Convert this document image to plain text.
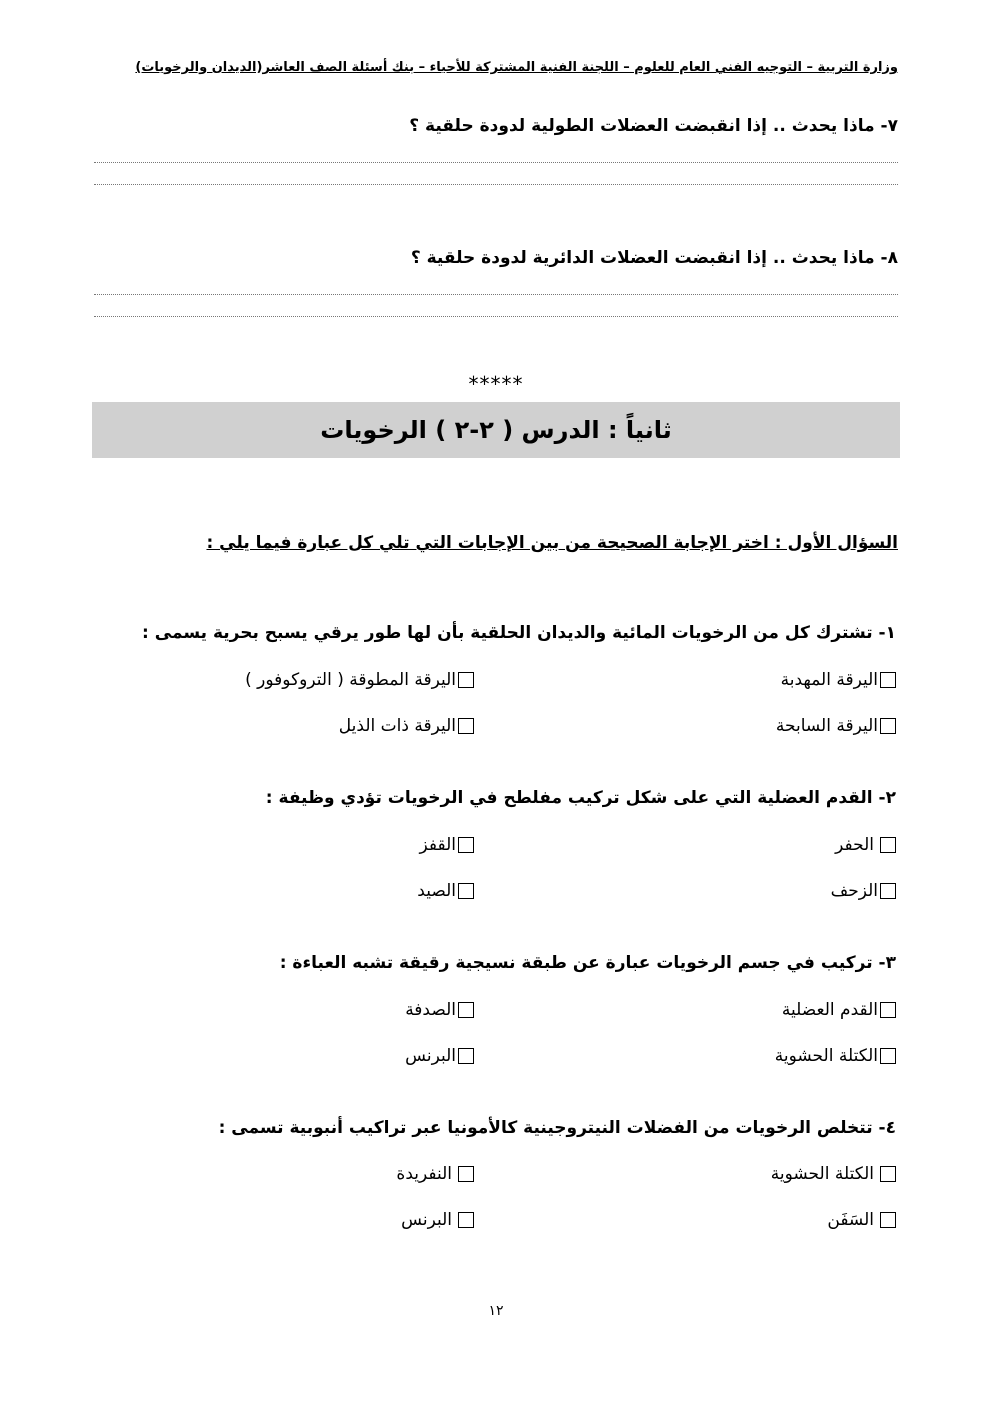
وزارة التربية – التوجيه الفني العام للعلوم – اللجنة الفنية المشتركة للأحياء – بنك أسئلة الصف العاشر(الديدان والرخويات)
٧- ماذا يحدث .. إذا انقبضت العضلات الطولية لدودة حلقية ؟
٨- ماذا يحدث .. إذا انقبضت العضلات الدائرية لدودة حلقية ؟
*****
ثانياً : الدرس ( ٢-٢ ) الرخويات
السؤال الأول : اختر الإجابة الصحيحة من بين الإجابات التي تلي كل عبارة فيما يلي :
١- تشترك كل من الرخويات المائية والديدان الحلقية بأن لها طور يرقي يسبح بحرية يسمى :
اليرقة المهدبة
اليرقة المطوقة ( التروكوفور )
اليرقة السابحة
اليرقة ذات الذيل
٢- القدم العضلية التي على شكل تركيب مفلطح في الرخويات تؤدي وظيفة :
الحفر
القفز
الزحف
الصيد
٣- تركيب في جسم الرخويات عبارة عن طبقة نسيجية رقيقة تشبه العباءة :
القدم العضلية
الصدفة
الكتلة الحشوية
البرنس
٤- تتخلص الرخويات من الفضلات النيتروجينية كالأمونيا عبر تراكيب أنبوبية تسمى :
الكتلة الحشوية
النفريدة
السَفَن
البرنس
١٢
